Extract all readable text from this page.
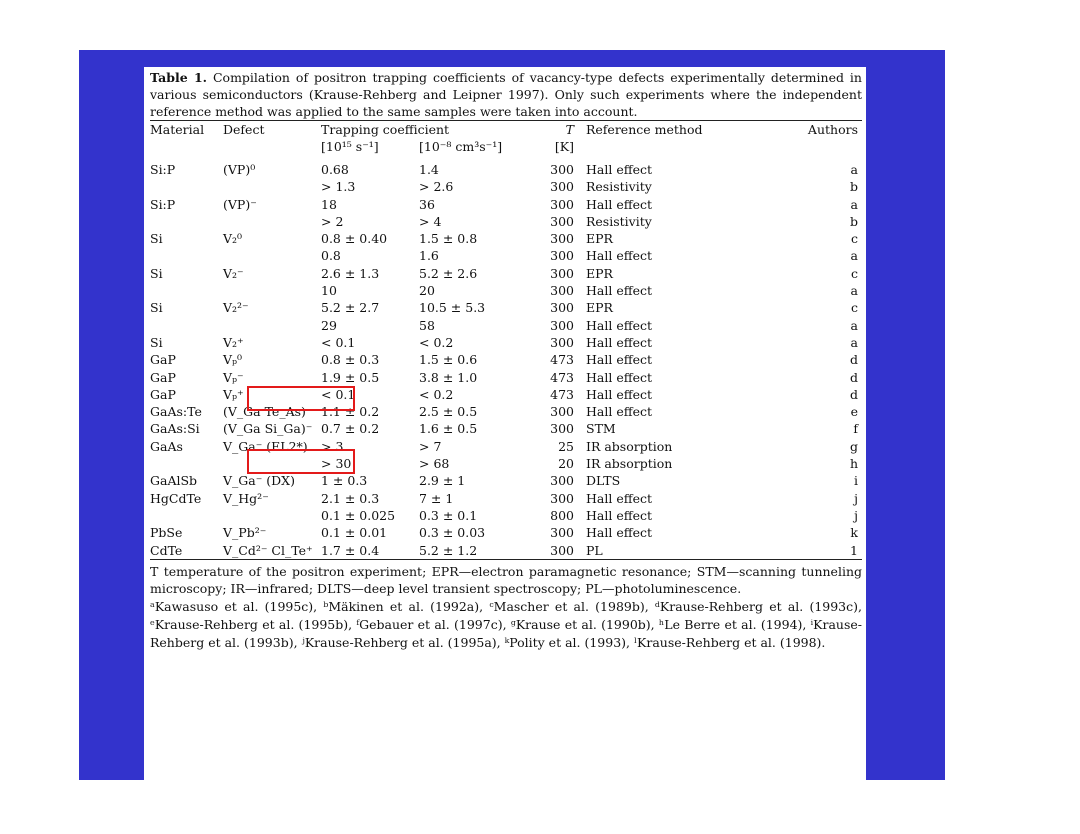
Table 1. Compilation of positron trapping coefficients of vacancy-type defects experimentally determined in various semiconductors (Krause-Rehberg and Leipner 1997). Only such experiments where the independent reference method was applied to the same samples were taken into account.

Material	Defect	Trapping coefficient		T	Reference method	Authors
		[10¹⁵ s⁻¹]	[10⁻⁸ cm³s⁻¹]	[K]		
Si:P	(VP)⁰	0.68	1.4	300	Hall effect	a
		> 1.3	> 2.6	300	Resistivity	b
Si:P	(VP)⁻	18	36	300	Hall effect	a
		> 2	> 4	300	Resistivity	b
Si	V₂⁰	0.8 ± 0.40	1.5 ± 0.8	300	EPR	c
		0.8	1.6	300	Hall effect	a
Si	V₂⁻	2.6 ± 1.3	5.2 ± 2.6	300	EPR	c
		10	20	300	Hall effect	a
Si	V₂²⁻	5.2 ± 2.7	10.5 ± 5.3	300	EPR	c
		29	58	300	Hall effect	a
Si	V₂⁺	< 0.1	< 0.2	300	Hall effect	a
GaP	Vₚ⁰	0.8 ± 0.3	1.5 ± 0.6	473	Hall effect	d
GaP	Vₚ⁻	1.9 ± 0.5	3.8 ± 1.0	473	Hall effect	d
GaP	Vₚ⁺	< 0.1	< 0.2	473	Hall effect	d
GaAs:Te	(V_Ga Te_As)⁻	1.1 ± 0.2	2.5 ± 0.5	300	Hall effect	e
GaAs:Si	(V_Ga Si_Ga)⁻	0.7 ± 0.2	1.6 ± 0.5	300	STM	f
GaAs	V_Ga⁻ (EL2*)	> 3	> 7	25	IR absorption	g
		> 30	> 68	20	IR absorption	h
GaAlSb	V_Ga⁻ (DX)	1 ± 0.3	2.9 ± 1	300	DLTS	i
HgCdTe	V_Hg²⁻	2.1 ± 0.3	7 ± 1	300	Hall effect	j
		0.1 ± 0.025	0.3 ± 0.1	800	Hall effect	j
PbSe	V_Pb²⁻	0.1 ± 0.01	0.3 ± 0.03	300	Hall effect	k
CdTe	V_Cd²⁻ Cl_Te⁺	1.7 ± 0.4	5.2 ± 1.2	300	PL	1

T temperature of the positron experiment; EPR—electron paramagnetic resonance; STM—scanning tunneling microscopy; IR—infrared; DLTS—deep level transient spectroscopy; PL—photoluminescence.

ᵃKawasuso et al. (1995c), ᵇMäkinen et al. (1992a), ᶜMascher et al. (1989b), ᵈKrause-Rehberg et al. (1993c), ᵉKrause-Rehberg et al. (1995b), ᶠGebauer et al. (1997c), ᵍKrause et al. (1990b), ʰLe Berre et al. (1994), ⁱKrause-Rehberg et al. (1993b), ʲKrause-Rehberg et al. (1995a), ᵏPolity et al. (1993), ˡKrause-Rehberg et al. (1998).
